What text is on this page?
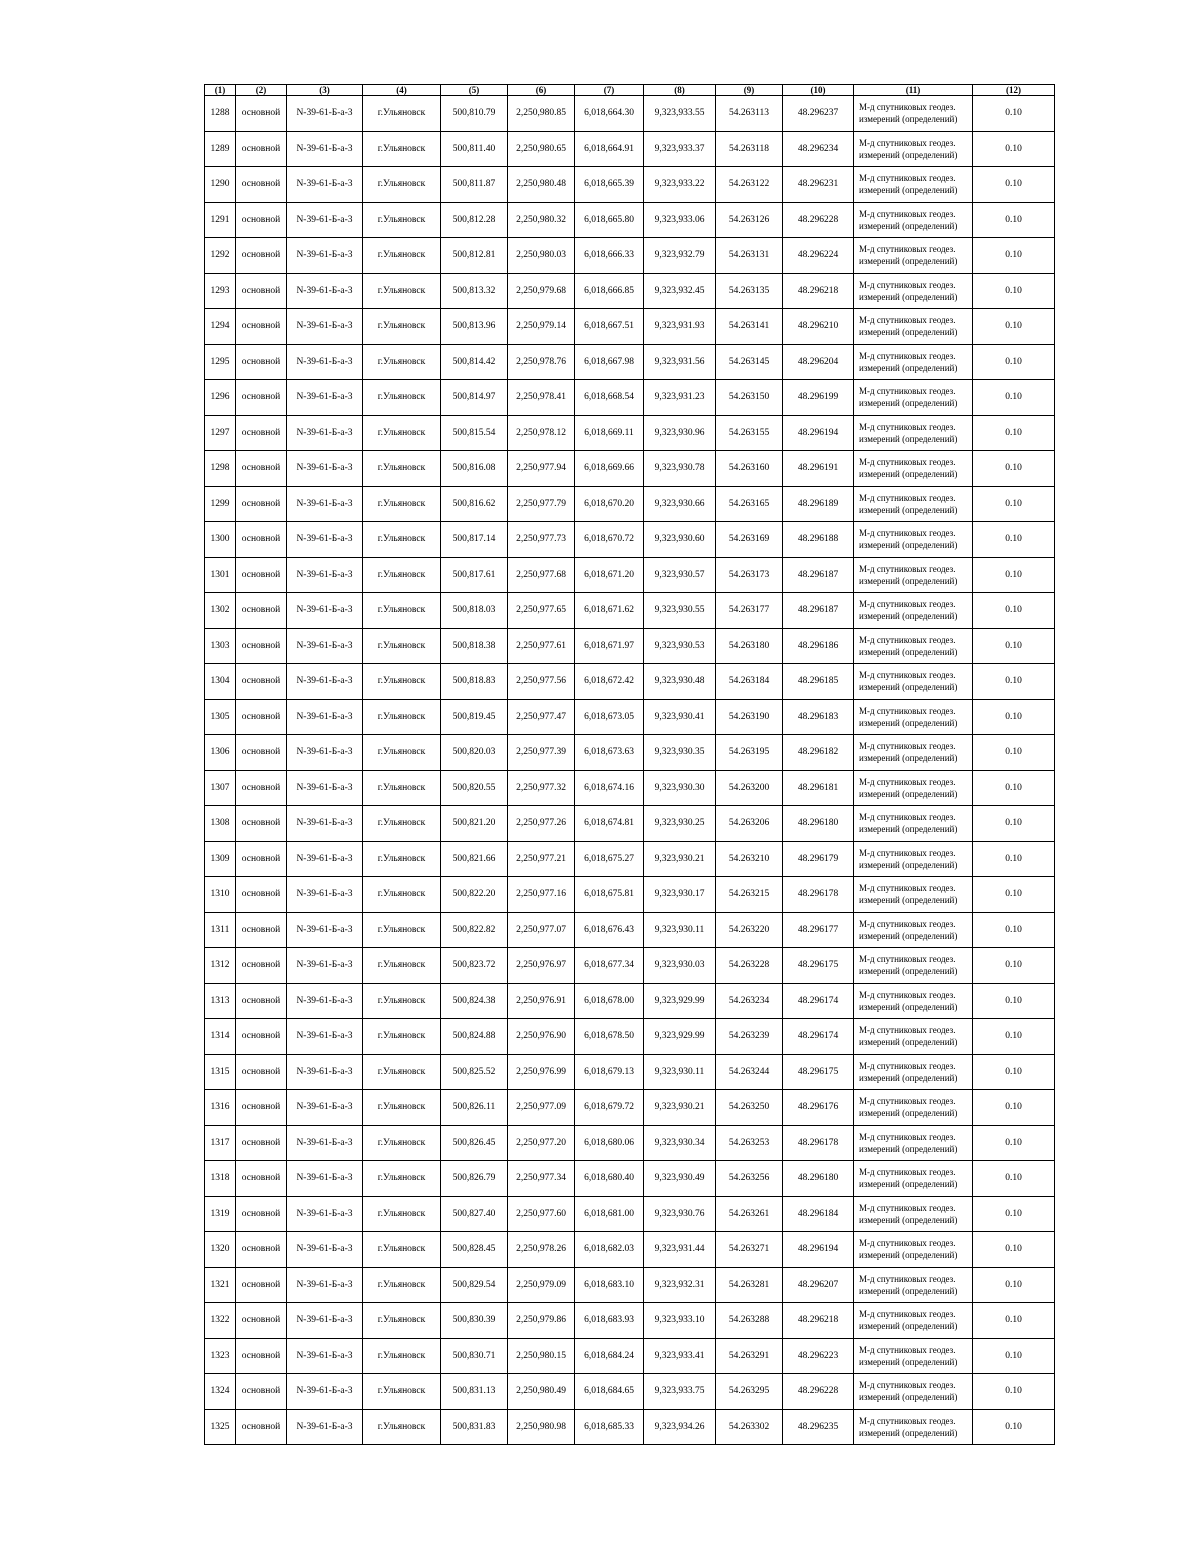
(1)	(2)	(3)	(4)	(5)	(6)	(7)	(8)	(9)	(10)	(11)	(12)
1288	основной	N-39-61-Б-а-3	г.Ульяновск	500,810.79	2,250,980.85	6,018,664.30	9,323,933.55	54.263113	48.296237	М-д спутниковых геодез. измерений (определений)	0.10
1289	основной	N-39-61-Б-а-3	г.Ульяновск	500,811.40	2,250,980.65	6,018,664.91	9,323,933.37	54.263118	48.296234	М-д спутниковых геодез. измерений (определений)	0.10
1290	основной	N-39-61-Б-а-3	г.Ульяновск	500,811.87	2,250,980.48	6,018,665.39	9,323,933.22	54.263122	48.296231	М-д спутниковых геодез. измерений (определений)	0.10
1291	основной	N-39-61-Б-а-3	г.Ульяновск	500,812.28	2,250,980.32	6,018,665.80	9,323,933.06	54.263126	48.296228	М-д спутниковых геодез. измерений (определений)	0.10
1292	основной	N-39-61-Б-а-3	г.Ульяновск	500,812.81	2,250,980.03	6,018,666.33	9,323,932.79	54.263131	48.296224	М-д спутниковых геодез. измерений (определений)	0.10
1293	основной	N-39-61-Б-а-3	г.Ульяновск	500,813.32	2,250,979.68	6,018,666.85	9,323,932.45	54.263135	48.296218	М-д спутниковых геодез. измерений (определений)	0.10
1294	основной	N-39-61-Б-а-3	г.Ульяновск	500,813.96	2,250,979.14	6,018,667.51	9,323,931.93	54.263141	48.296210	М-д спутниковых геодез. измерений (определений)	0.10
1295	основной	N-39-61-Б-а-3	г.Ульяновск	500,814.42	2,250,978.76	6,018,667.98	9,323,931.56	54.263145	48.296204	М-д спутниковых геодез. измерений (определений)	0.10
1296	основной	N-39-61-Б-а-3	г.Ульяновск	500,814.97	2,250,978.41	6,018,668.54	9,323,931.23	54.263150	48.296199	М-д спутниковых геодез. измерений (определений)	0.10
1297	основной	N-39-61-Б-а-3	г.Ульяновск	500,815.54	2,250,978.12	6,018,669.11	9,323,930.96	54.263155	48.296194	М-д спутниковых геодез. измерений (определений)	0.10
1298	основной	N-39-61-Б-а-3	г.Ульяновск	500,816.08	2,250,977.94	6,018,669.66	9,323,930.78	54.263160	48.296191	М-д спутниковых геодез. измерений (определений)	0.10
1299	основной	N-39-61-Б-а-3	г.Ульяновск	500,816.62	2,250,977.79	6,018,670.20	9,323,930.66	54.263165	48.296189	М-д спутниковых геодез. измерений (определений)	0.10
1300	основной	N-39-61-Б-а-3	г.Ульяновск	500,817.14	2,250,977.73	6,018,670.72	9,323,930.60	54.263169	48.296188	М-д спутниковых геодез. измерений (определений)	0.10
1301	основной	N-39-61-Б-а-3	г.Ульяновск	500,817.61	2,250,977.68	6,018,671.20	9,323,930.57	54.263173	48.296187	М-д спутниковых геодез. измерений (определений)	0.10
1302	основной	N-39-61-Б-а-3	г.Ульяновск	500,818.03	2,250,977.65	6,018,671.62	9,323,930.55	54.263177	48.296187	М-д спутниковых геодез. измерений (определений)	0.10
1303	основной	N-39-61-Б-а-3	г.Ульяновск	500,818.38	2,250,977.61	6,018,671.97	9,323,930.53	54.263180	48.296186	М-д спутниковых геодез. измерений (определений)	0.10
1304	основной	N-39-61-Б-а-3	г.Ульяновск	500,818.83	2,250,977.56	6,018,672.42	9,323,930.48	54.263184	48.296185	М-д спутниковых геодез. измерений (определений)	0.10
1305	основной	N-39-61-Б-а-3	г.Ульяновск	500,819.45	2,250,977.47	6,018,673.05	9,323,930.41	54.263190	48.296183	М-д спутниковых геодез. измерений (определений)	0.10
1306	основной	N-39-61-Б-а-3	г.Ульяновск	500,820.03	2,250,977.39	6,018,673.63	9,323,930.35	54.263195	48.296182	М-д спутниковых геодез. измерений (определений)	0.10
1307	основной	N-39-61-Б-а-3	г.Ульяновск	500,820.55	2,250,977.32	6,018,674.16	9,323,930.30	54.263200	48.296181	М-д спутниковых геодез. измерений (определений)	0.10
1308	основной	N-39-61-Б-а-3	г.Ульяновск	500,821.20	2,250,977.26	6,018,674.81	9,323,930.25	54.263206	48.296180	М-д спутниковых геодез. измерений (определений)	0.10
1309	основной	N-39-61-Б-а-3	г.Ульяновск	500,821.66	2,250,977.21	6,018,675.27	9,323,930.21	54.263210	48.296179	М-д спутниковых геодез. измерений (определений)	0.10
1310	основной	N-39-61-Б-а-3	г.Ульяновск	500,822.20	2,250,977.16	6,018,675.81	9,323,930.17	54.263215	48.296178	М-д спутниковых геодез. измерений (определений)	0.10
1311	основной	N-39-61-Б-а-3	г.Ульяновск	500,822.82	2,250,977.07	6,018,676.43	9,323,930.11	54.263220	48.296177	М-д спутниковых геодез. измерений (определений)	0.10
1312	основной	N-39-61-Б-а-3	г.Ульяновск	500,823.72	2,250,976.97	6,018,677.34	9,323,930.03	54.263228	48.296175	М-д спутниковых геодез. измерений (определений)	0.10
1313	основной	N-39-61-Б-а-3	г.Ульяновск	500,824.38	2,250,976.91	6,018,678.00	9,323,929.99	54.263234	48.296174	М-д спутниковых геодез. измерений (определений)	0.10
1314	основной	N-39-61-Б-а-3	г.Ульяновск	500,824.88	2,250,976.90	6,018,678.50	9,323,929.99	54.263239	48.296174	М-д спутниковых геодез. измерений (определений)	0.10
1315	основной	N-39-61-Б-а-3	г.Ульяновск	500,825.52	2,250,976.99	6,018,679.13	9,323,930.11	54.263244	48.296175	М-д спутниковых геодез. измерений (определений)	0.10
1316	основной	N-39-61-Б-а-3	г.Ульяновск	500,826.11	2,250,977.09	6,018,679.72	9,323,930.21	54.263250	48.296176	М-д спутниковых геодез. измерений (определений)	0.10
1317	основной	N-39-61-Б-а-3	г.Ульяновск	500,826.45	2,250,977.20	6,018,680.06	9,323,930.34	54.263253	48.296178	М-д спутниковых геодез. измерений (определений)	0.10
1318	основной	N-39-61-Б-а-3	г.Ульяновск	500,826.79	2,250,977.34	6,018,680.40	9,323,930.49	54.263256	48.296180	М-д спутниковых геодез. измерений (определений)	0.10
1319	основной	N-39-61-Б-а-3	г.Ульяновск	500,827.40	2,250,977.60	6,018,681.00	9,323,930.76	54.263261	48.296184	М-д спутниковых геодез. измерений (определений)	0.10
1320	основной	N-39-61-Б-а-3	г.Ульяновск	500,828.45	2,250,978.26	6,018,682.03	9,323,931.44	54.263271	48.296194	М-д спутниковых геодез. измерений (определений)	0.10
1321	основной	N-39-61-Б-а-3	г.Ульяновск	500,829.54	2,250,979.09	6,018,683.10	9,323,932.31	54.263281	48.296207	М-д спутниковых геодез. измерений (определений)	0.10
1322	основной	N-39-61-Б-а-3	г.Ульяновск	500,830.39	2,250,979.86	6,018,683.93	9,323,933.10	54.263288	48.296218	М-д спутниковых геодез. измерений (определений)	0.10
1323	основной	N-39-61-Б-а-3	г.Ульяновск	500,830.71	2,250,980.15	6,018,684.24	9,323,933.41	54.263291	48.296223	М-д спутниковых геодез. измерений (определений)	0.10
1324	основной	N-39-61-Б-а-3	г.Ульяновск	500,831.13	2,250,980.49	6,018,684.65	9,323,933.75	54.263295	48.296228	М-д спутниковых геодез. измерений (определений)	0.10
1325	основной	N-39-61-Б-а-3	г.Ульяновск	500,831.83	2,250,980.98	6,018,685.33	9,323,934.26	54.263302	48.296235	М-д спутниковых геодез. измерений (определений)	0.10
